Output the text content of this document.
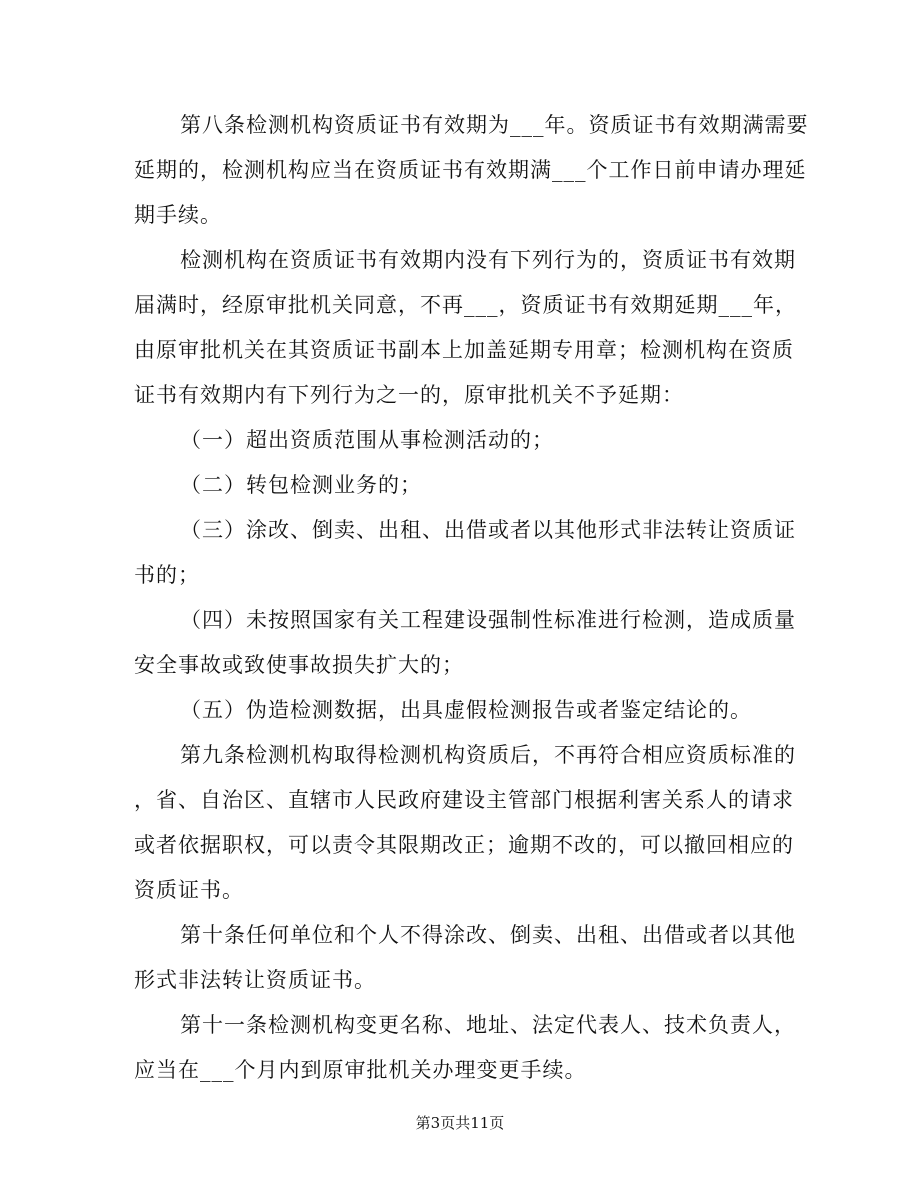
第八条检测机构资质证书有效期为___年。资质证书有效期满需要
延期的，检测机构应当在资质证书有效期满___个工作日前申请办理延
期手续。

检测机构在资质证书有效期内没有下列行为的，资质证书有效期
届满时，经原审批机关同意，不再___，资质证书有效期延期___年，
由原审批机关在其资质证书副本上加盖延期专用章；检测机构在资质
证书有效期内有下列行为之一的，原审批机关不予延期：

（一）超出资质范围从事检测活动的；

（二）转包检测业务的；

（三）涂改、倒卖、出租、出借或者以其他形式非法转让资质证
书的；

（四）未按照国家有关工程建设强制性标准进行检测，造成质量
安全事故或致使事故损失扩大的；

（五）伪造检测数据，出具虚假检测报告或者鉴定结论的。

第九条检测机构取得检测机构资质后，不再符合相应资质标准的
，省、自治区、直辖市人民政府建设主管部门根据利害关系人的请求
或者依据职权，可以责令其限期改正；逾期不改的，可以撤回相应的
资质证书。

第十条任何单位和个人不得涂改、倒卖、出租、出借或者以其他
形式非法转让资质证书。

第十一条检测机构变更名称、地址、法定代表人、技术负责人，
应当在___个月内到原审批机关办理变更手续。

第3页共11页
